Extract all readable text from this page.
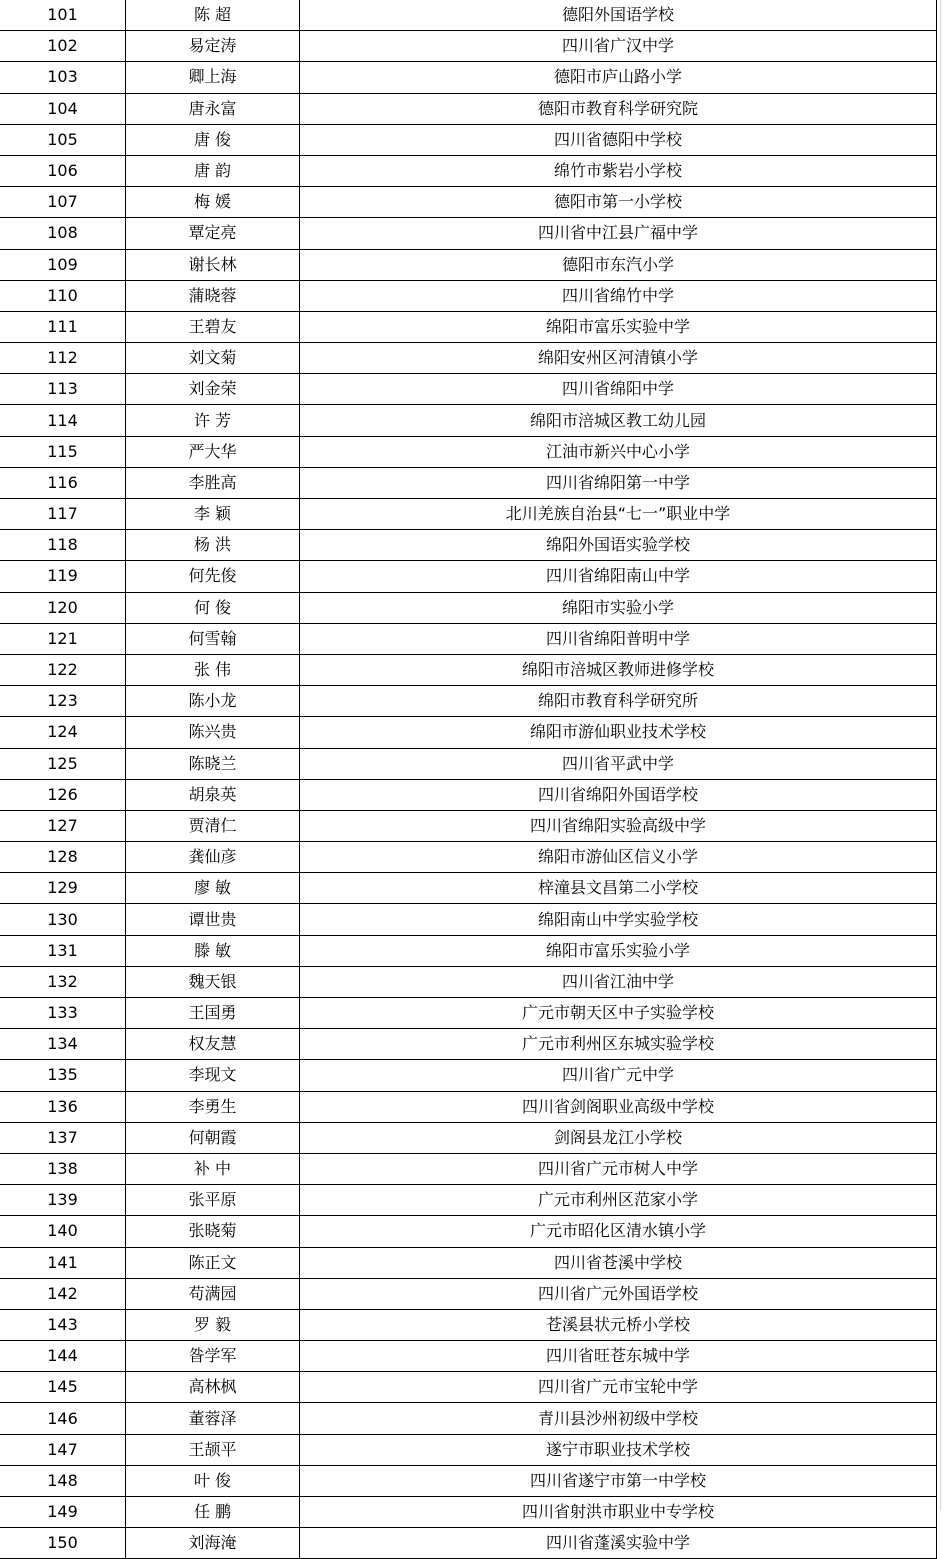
101	陈 超	德阳外国语学校
102	易定涛	四川省广汉中学
103	卿上海	德阳市庐山路小学
104	唐永富	德阳市教育科学研究院
105	唐 俊	四川省德阳中学校
106	唐 韵	绵竹市紫岩小学校
107	梅 媛	德阳市第一小学校
108	覃定亮	四川省中江县广福中学
109	谢长林	德阳市东汽小学
110	蒲晓蓉	四川省绵竹中学
111	王碧友	绵阳市富乐实验中学
112	刘文菊	绵阳安州区河清镇小学
113	刘金荣	四川省绵阳中学
114	许 芳	绵阳市涪城区教工幼儿园
115	严大华	江油市新兴中心小学
116	李胜高	四川省绵阳第一中学
117	李 颖	北川羌族自治县“七一”职业中学
118	杨 洪	绵阳外国语实验学校
119	何先俊	四川省绵阳南山中学
120	何 俊	绵阳市实验小学
121	何雪翰	四川省绵阳普明中学
122	张 伟	绵阳市涪城区教师进修学校
123	陈小龙	绵阳市教育科学研究所
124	陈兴贵	绵阳市游仙职业技术学校
125	陈晓兰	四川省平武中学
126	胡泉英	四川省绵阳外国语学校
127	贾清仁	四川省绵阳实验高级中学
128	龚仙彦	绵阳市游仙区信义小学
129	廖 敏	梓潼县文昌第二小学校
130	谭世贵	绵阳南山中学实验学校
131	滕 敏	绵阳市富乐实验小学
132	魏天银	四川省江油中学
133	王国勇	广元市朝天区中子实验学校
134	权友慧	广元市利州区东城实验学校
135	李现文	四川省广元中学
136	李勇生	四川省剑阁职业高级中学校
137	何朝霞	剑阁县龙江小学校
138	补 中	四川省广元市树人中学
139	张平原	广元市利州区范家小学
140	张晓菊	广元市昭化区清水镇小学
141	陈正文	四川省苍溪中学校
142	苟满园	四川省广元外国语学校
143	罗 毅	苍溪县状元桥小学校
144	昝学军	四川省旺苍东城中学
145	高林枫	四川省广元市宝轮中学
146	董蓉泽	青川县沙州初级中学校
147	王颉平	遂宁市职业技术学校
148	叶 俊	四川省遂宁市第一中学校
149	任 鹏	四川省射洪市职业中专学校
150	刘海淹	四川省蓬溪实验中学
